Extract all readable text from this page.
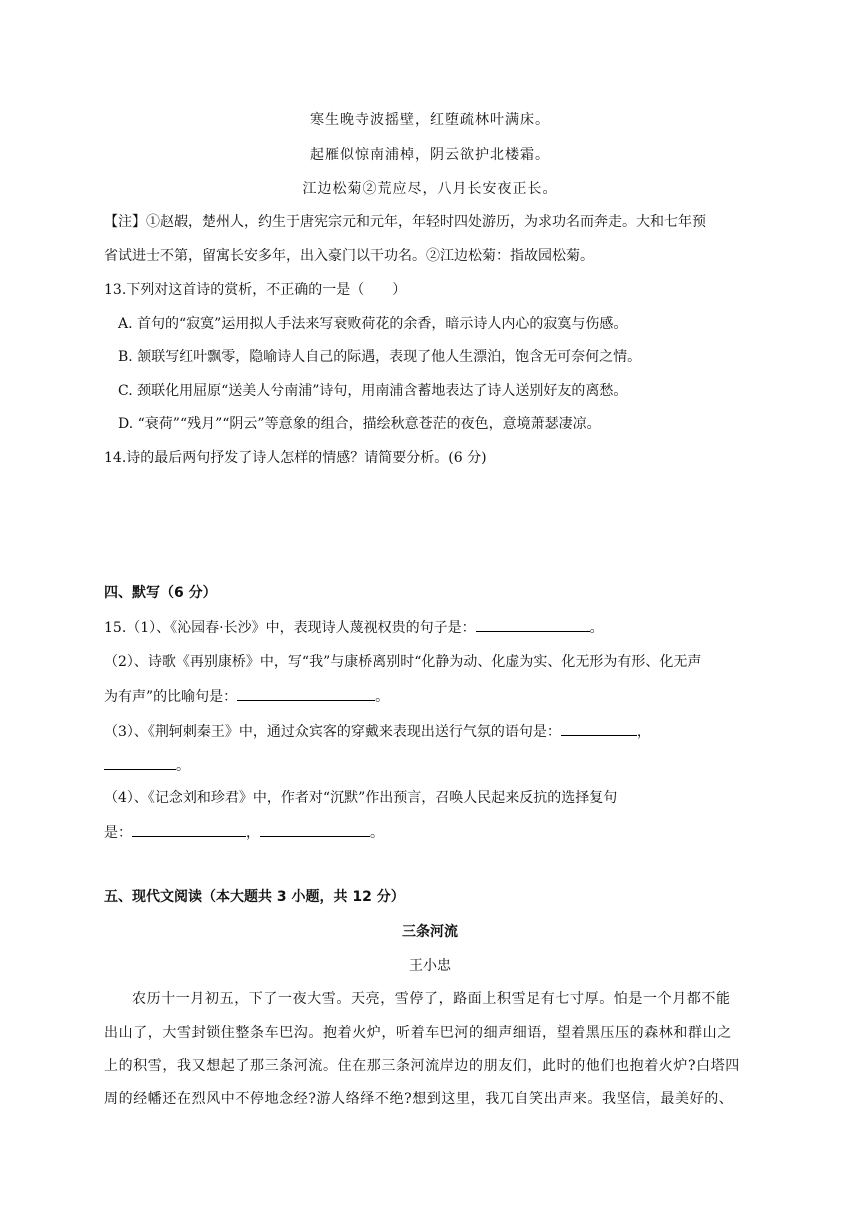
寒生晚寺波摇壁，红堕疏林叶满床。
起雁似惊南浦棹，阴云欲护北楼霜。
江边松菊②荒应尽，八月长安夜正长。
【注】①赵嘏，楚州人，约生于唐宪宗元和元年，年轻时四处游历，为求功名而奔走。大和七年预
省试进士不第，留寓长安多年，出入豪门以干功名。②江边松菊：指故园松菊。
13.下列对这首诗的赏析，不正确的一是（　　）
A. 首句的“寂寞”运用拟人手法来写衰败荷花的余香，暗示诗人内心的寂寞与伤感。
B. 颔联写红叶飘零，隐喻诗人自己的际遇，表现了他人生漂泊，饱含无可奈何之情。
C. 颈联化用屈原“送美人兮南浦”诗句，用南浦含蓄地表达了诗人送别好友的离愁。
D. “衰荷”“残月”“阴云”等意象的组合，描绘秋意苍茫的夜色，意境萧瑟凄凉。
14.诗的最后两句抒发了诗人怎样的情感？请简要分析。(6 分)
四、默写（6 分）
15.（1）、《沁园春·长沙》中，表现诗人蔑视权贵的句子是：	。
（2）、诗歌《再别康桥》中，写“我”与康桥离别时“化静为动、化虚为实、化无形为有形、化无声
为有声”的比喻句是：	。
（3）、《荆轲刺秦王》中，通过众宾客的穿戴来表现出送行气氛的语句是：	，
。
（4）、《记念刘和珍君》中，作者对“沉默”作出预言，召唤人民起来反抗的选择复句
是：	，	。
五、现代文阅读（本大题共 3 小题，共 12 分）
三条河流
王小忠
农历十一月初五，下了一夜大雪。天亮，雪停了，路面上积雪足有七寸厚。怕是一个月都不能
出山了，大雪封锁住整条车巴沟。抱着火炉，听着车巴河的细声细语，望着黑压压的森林和群山之
上的积雪，我又想起了那三条河流。住在那三条河流岸边的朋友们，此时的他们也抱着火炉?白塔四
周的经幡还在烈风中不停地念经?游人络绎不绝?想到这里，我兀自笑出声来。我坚信，最美好的、
